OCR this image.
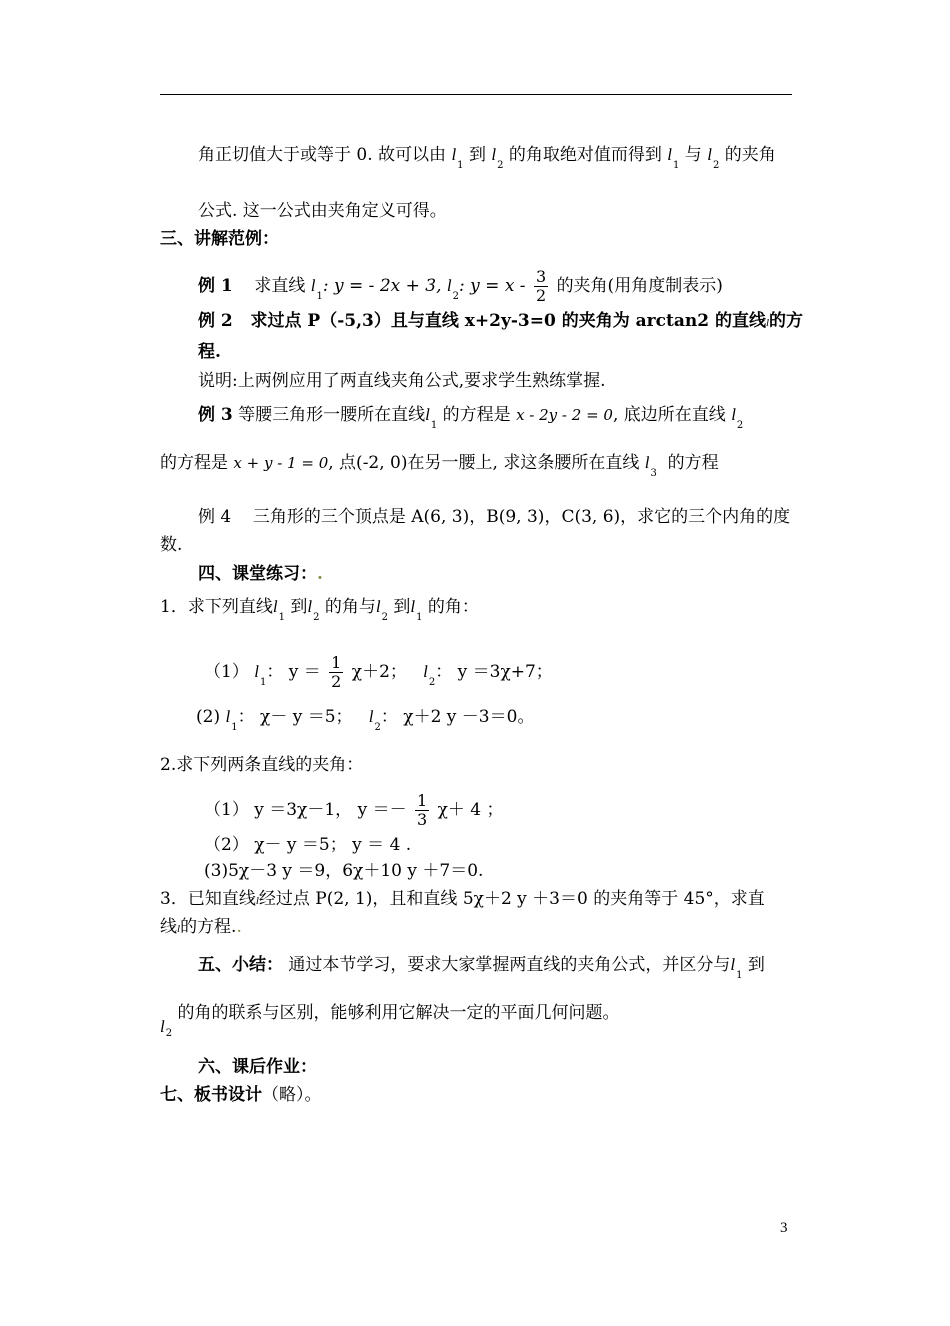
角正切值大于或等于 0. 故可以由 $l_1$ 到 $l_2$ 的角取绝对值而得到 $l_1$ 与 $l_2$ 的夹角
公式. 这一公式由夹角定义可得。
三、讲解范例：
例 1 求直线 $l_1$: y = - 2x + 3, $l_2$: $y = x - \frac{3}{2}$ 的夹角(用角度制表示)
例 2 求过点 P（-5,3）且与直线 x+2y-3=0 的夹角为 arctan2 的直线l的方
程.
说明:上两例应用了两直线夹角公式,要求学生熟练掌握.
例 3 等腰三角形一腰所在直线$l_1$ 的方程是 x - 2y - 2 = 0, 底边所在直线 $l_2$
的方程是 x + y - 1 = 0, 点(-2, 0)在另一腰上, 求这条腰所在直线 $l_3$  的方程
例 4 三角形的三个顶点是 A(6, 3)，B(9, 3)，C(3, 6)，求它的三个内角的度
数.
四、课堂练习：.
1．求下列直线$l_1$ 到$l_2$ 的角与$l_2$ 到$l_1$ 的角：
（1） $l_1$： $y = \frac{1}{2} \chi+2$； $l_2$： y ＝3χ+7；
(2) $l_1$： χ－ y ＝5； $l_2$： χ＋2 y －3＝0。
2.求下列两条直线的夹角：
（1） y ＝3χ－1， $y =- \frac{1}{3} \chi+ 4$ ；
（2） χ－ y ＝5； y ＝ 4 .
(3)5χ－3 y ＝9，6χ＋10 y ＋7＝0.
3．已知直线l经过点 P(2, 1)，且和直线 5χ＋2 y ＋3＝0 的夹角等于 45°，求直
线l的方程..
五、小结： 通过本节学习，要求大家掌握两直线的夹角公式，并区分与$l_1$ 到
$l_2$ 的角的联系与区别，能够利用它解决一定的平面几何问题。
六、课后作业：
七、板书设计（略）。
3
